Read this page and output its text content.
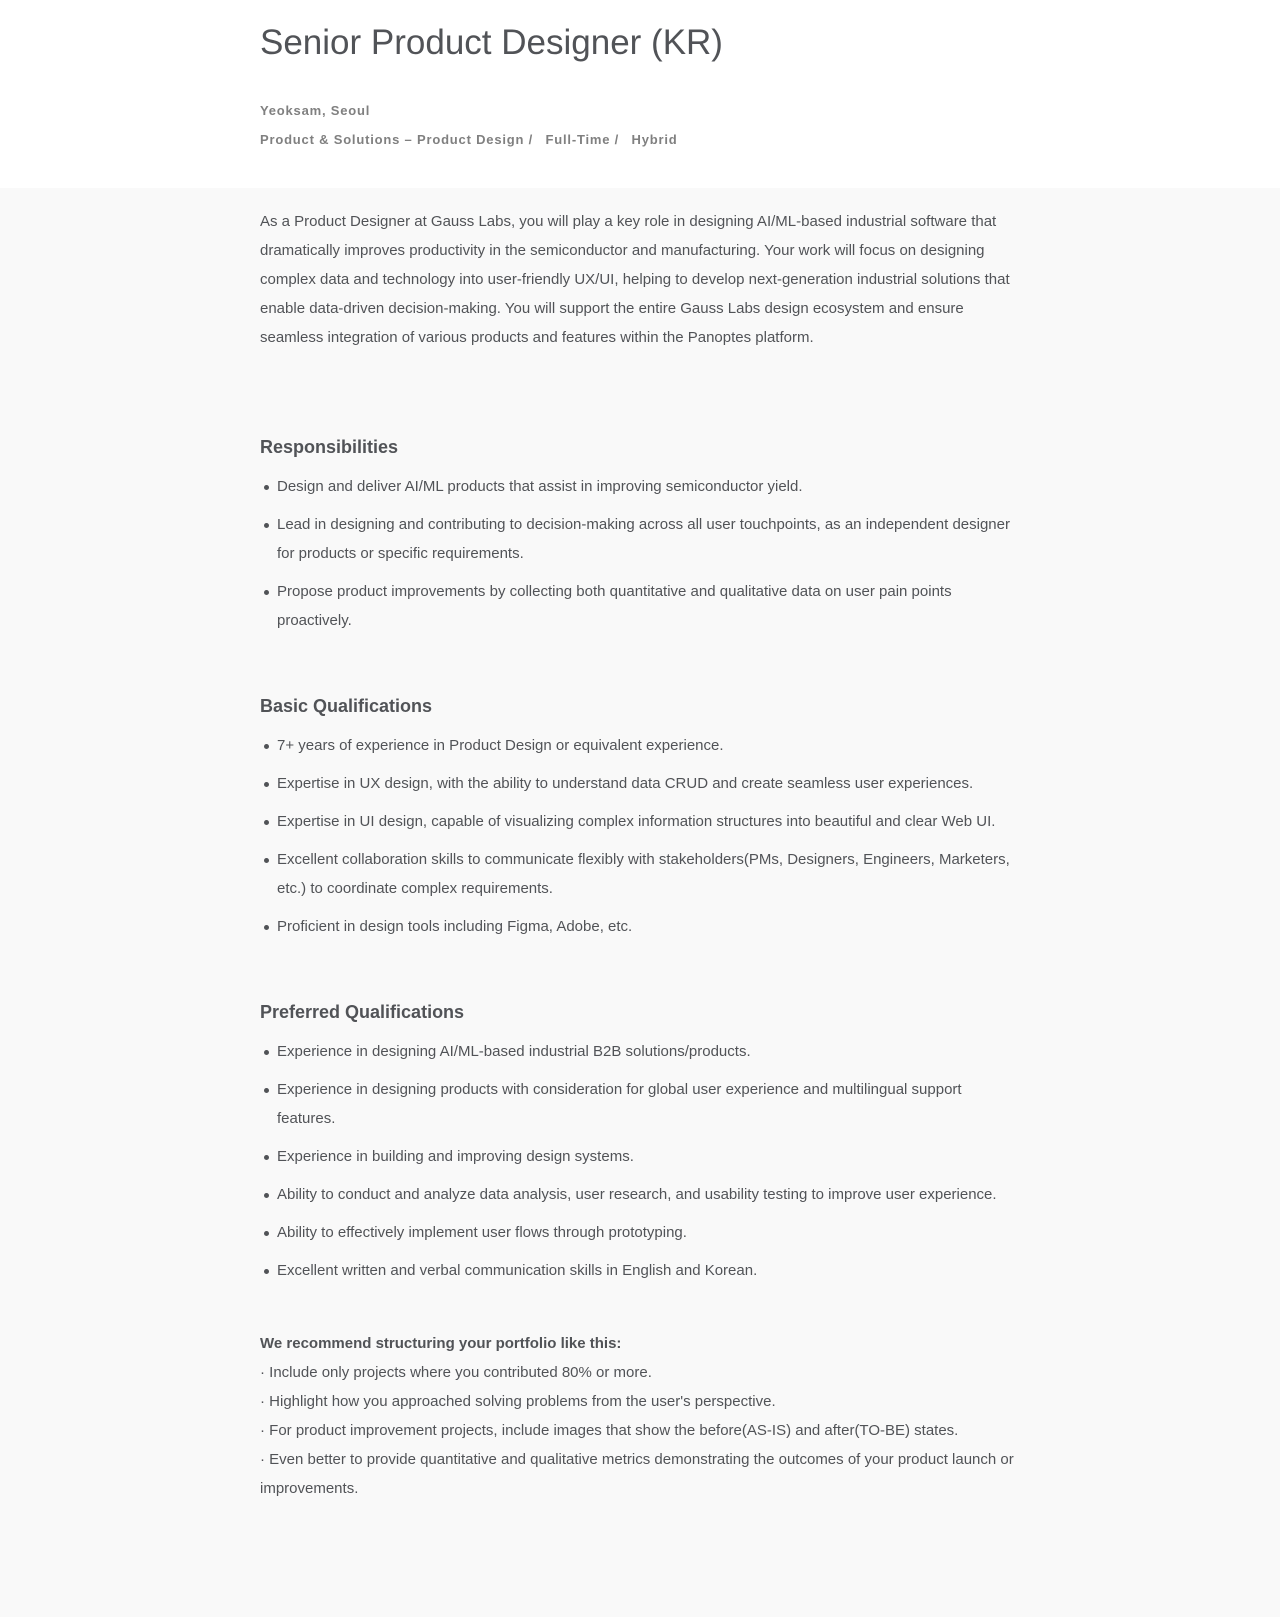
Senior Product Designer (KR)
Yeoksam, Seoul
Product & Solutions – Product Design / Full-Time / Hybrid

As a Product Designer at Gauss Labs, you will play a key role in designing AI/ML-based industrial software that dramatically improves productivity in the semiconductor and manufacturing. Your work will focus on designing complex data and technology into user-friendly UX/UI, helping to develop next-generation industrial solutions that enable data-driven decision-making. You will support the entire Gauss Labs design ecosystem and ensure seamless integration of various products and features within the Panoptes platform.

Responsibilities
Design and deliver AI/ML products that assist in improving semiconductor yield.
Lead in designing and contributing to decision-making across all user touchpoints, as an independent designer for products or specific requirements.
Propose product improvements by collecting both quantitative and qualitative data on user pain points proactively.
Basic Qualifications
7+ years of experience in Product Design or equivalent experience.
Expertise in UX design, with the ability to understand data CRUD and create seamless user experiences.
Expertise in UI design, capable of visualizing complex information structures into beautiful and clear Web UI.
Excellent collaboration skills to communicate flexibly with stakeholders(PMs, Designers, Engineers, Marketers, etc.) to coordinate complex requirements.
Proficient in design tools including Figma, Adobe, etc.
Preferred Qualifications
Experience in designing AI/ML-based industrial B2B solutions/products.
Experience in designing products with consideration for global user experience and multilingual support features.
Experience in building and improving design systems.
Ability to conduct and analyze data analysis, user research, and usability testing to improve user experience.
Ability to effectively implement user flows through prototyping.
Excellent written and verbal communication skills in English and Korean.
We recommend structuring your portfolio like this:
· Include only projects where you contributed 80% or more.
· Highlight how you approached solving problems from the user's perspective.
· For product improvement projects, include images that show the before(AS-IS) and after(TO-BE) states.
· Even better to provide quantitative and qualitative metrics demonstrating the outcomes of your product launch or improvements.
